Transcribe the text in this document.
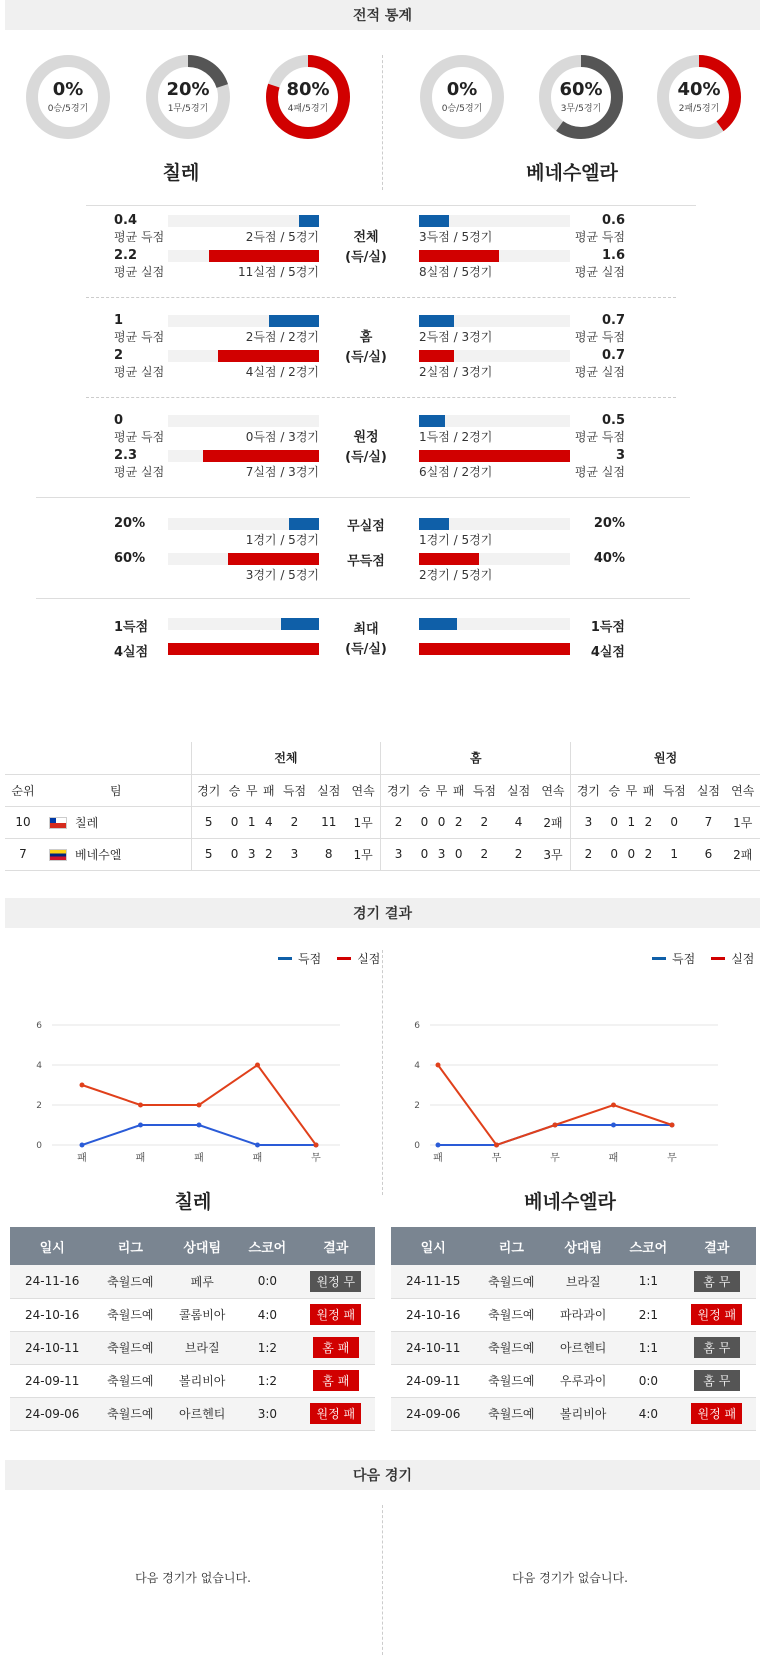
전적 통계
칠레	베네수엘라
		전체							홈							원정						
순위	팀	경기	승	무	패	득점	실점	연속	경기	승	무	패	득점	실점	연속	경기	승	무	패	득점	실점	연속
10	칠레	5	0	1	4	2	11	1무	2	0	0	2	2	4	2패	3	0	1	2	0	7	1무
7	베네수엘	5	0	3	2	3	8	1무	3	0	3	0	2	2	3무	2	0	0	2	1	6	2패
경기 결과
득점	실점	득점	실점
0
2
4
6
패	패	패	패	무
0
2
4
6
패	무	무	패	무
칠레	베네수엘라
일시	리그	상대팀	스코어	결과
24-11-16	축월드예	페루	0:0	원정 무
24-10-16	축월드예	콜롬비아	4:0	원정 패
24-10-11	축월드예	브라질	1:2	홈 패
24-09-11	축월드예	볼리비아	1:2	홈 패
24-09-06	축월드예	아르헨티	3:0	원정 패
일시	리그	상대팀	스코어	결과
24-11-15	축월드예	브라질	1:1	홈 무
24-10-16	축월드예	파라과이	2:1	원정 패
24-10-11	축월드예	아르헨티	1:1	홈 무
24-09-11	축월드예	우루과이	0:0	홈 무
24-09-06	축월드예	볼리비아	4:0	원정 패
다음 경기
다음 경기가 없습니다.	다음 경기가 없습니다.
0%
0승/5경기
20%
1무/5경기
80%
4패/5경기
0%
0승/5경기
60%
3무/5경기
40%
2패/5경기
0.4
평균 득점	2득점 / 5경기
2.2
평균 실점	11실점 / 5경기
0.6
평균 득점
3득점 / 5경기
1.6
평균 실점
8실점 / 5경기
전체
(득/실)
1
평균 득점	2득점 / 2경기
2
평균 실점	4실점 / 2경기
0.7
평균 득점
2득점 / 3경기
0.7
평균 실점
2실점 / 3경기
홈
(득/실)
0
평균 득점	0득점 / 3경기
2.3
평균 실점	7실점 / 3경기
0.5
평균 득점
1득점 / 2경기
3
평균 실점
6실점 / 2경기
원정
(득/실)
20%
1경기 / 5경기
무실점
60%
3경기 / 5경기
무득점
20%
1경기 / 5경기
40%
2경기 / 5경기
1득점
4실점
1득점
4실점
최대
(득/실)
